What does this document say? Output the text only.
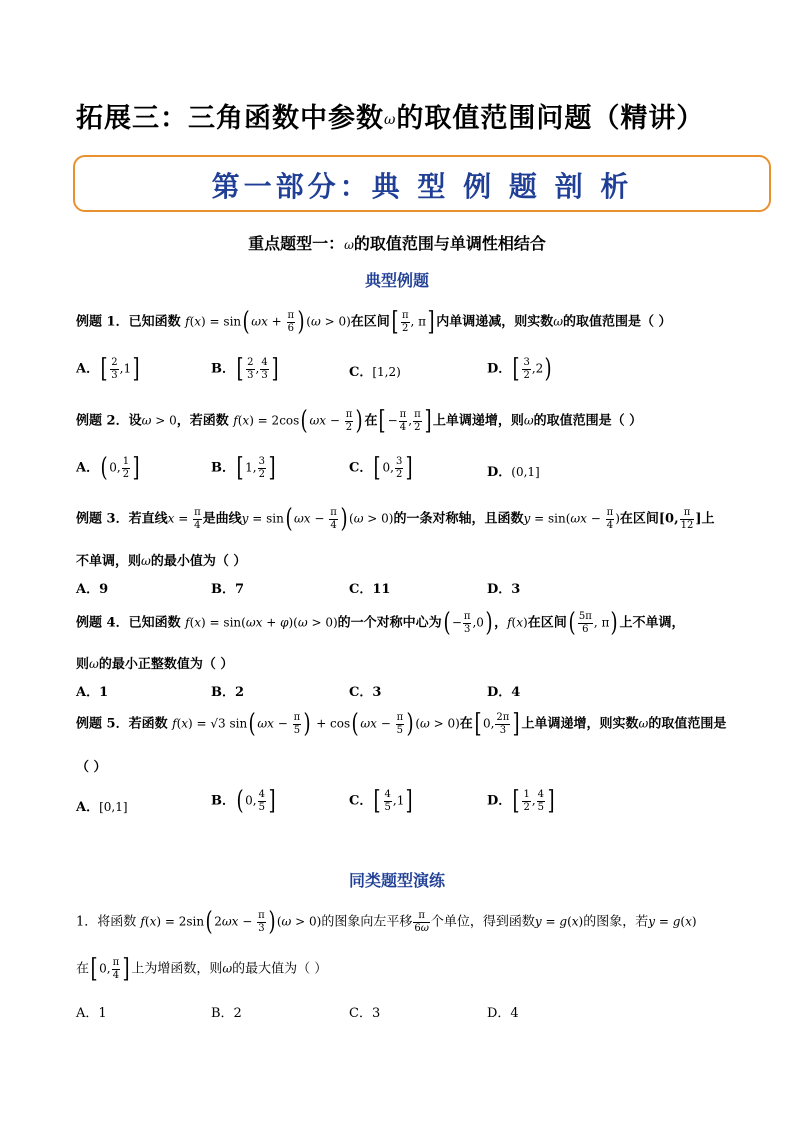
拓展三：三角函数中参数ω的取值范围问题（精讲）
第一部分：典 型 例 题 剖 析
重点题型一：ω的取值范围与单调性相结合
典型例题
例题 1．已知函数 f(x) = sin( $\omega x + \frac{\pi}{6}$ ) (ω > 0)在区间[ $\frac{\pi}{2}$ , π] 内单调递减，则实数ω的取值范围是（ ）
A．[ $\frac{2}{3} ,1$]	B．[ $\frac{2}{3}$ , $\frac{4}{3}$ ]	C．[1,2)	D．[ $\frac{3}{2} ,2$)
例题 2．设ω > 0，若函数 f(x) = 2cos( $\omega x - \frac{\pi}{2}$ ) 在[ − $\frac{\pi}{4}$ , $\frac{\pi}{2}$ ] 上单调递增，则ω的取值范围是（ ）
A．( 0, $\frac{1}{2}$ ]	B．[ 1, $\frac{3}{2}$ ]	C．[ 0, $\frac{3}{2}$ ]	D．(0,1]
例题 3．若直线$x = \frac{\pi}{4}$ 是曲线y = sin( $\omega x - \frac{\pi}{4}$ ) (ω > 0)的一条对称轴，且函数$y = \sin(\omega x - \frac{\pi}{4}$ )在区间[0, $\frac{\pi}{12}$ ]上
不单调，则ω的最小值为（ ）
A．9	B．7	C．11	D．3
例题 4．已知函数 f(x) = sin(ωx + φ)(ω > 0)的一个对称中心为( − $\frac{\pi}{3} ,0$) ，f(x)在区间( $\frac{5\pi}{6}$ , π) 上不单调，
则ω的最小正整数值为（ ）
A．1	B．2	C．3	D．4
例题 5．若函数 f(x) = √3 sin( $\omega x - \frac{\pi}{5}$ ) + cos( $\omega x - \frac{\pi}{5}$ ) (ω > 0)在[ 0, $\frac{2\pi}{3}$ ] 上单调递增，则实数ω的取值范围是
（ ）
A．[0,1]	B．( 0, $\frac{4}{5}$ ]	C．[ $\frac{4}{5} ,1$]	D．[ $\frac{1}{2}$ , $\frac{4}{5}$ ]
同类题型演练
1．将函数 f(x) = 2sin( $2\omega x - \frac{\pi}{3}$ ) (ω > 0)的图象向左平移 $\frac{\pi}{6\omega}$ 个单位，得到函数y = g(x)的图象，若y = g(x)
在[ 0, $\frac{\pi}{4}$ ] 上为增函数，则ω的最大值为（ ）
A．1	B．2	C．3	D．4
